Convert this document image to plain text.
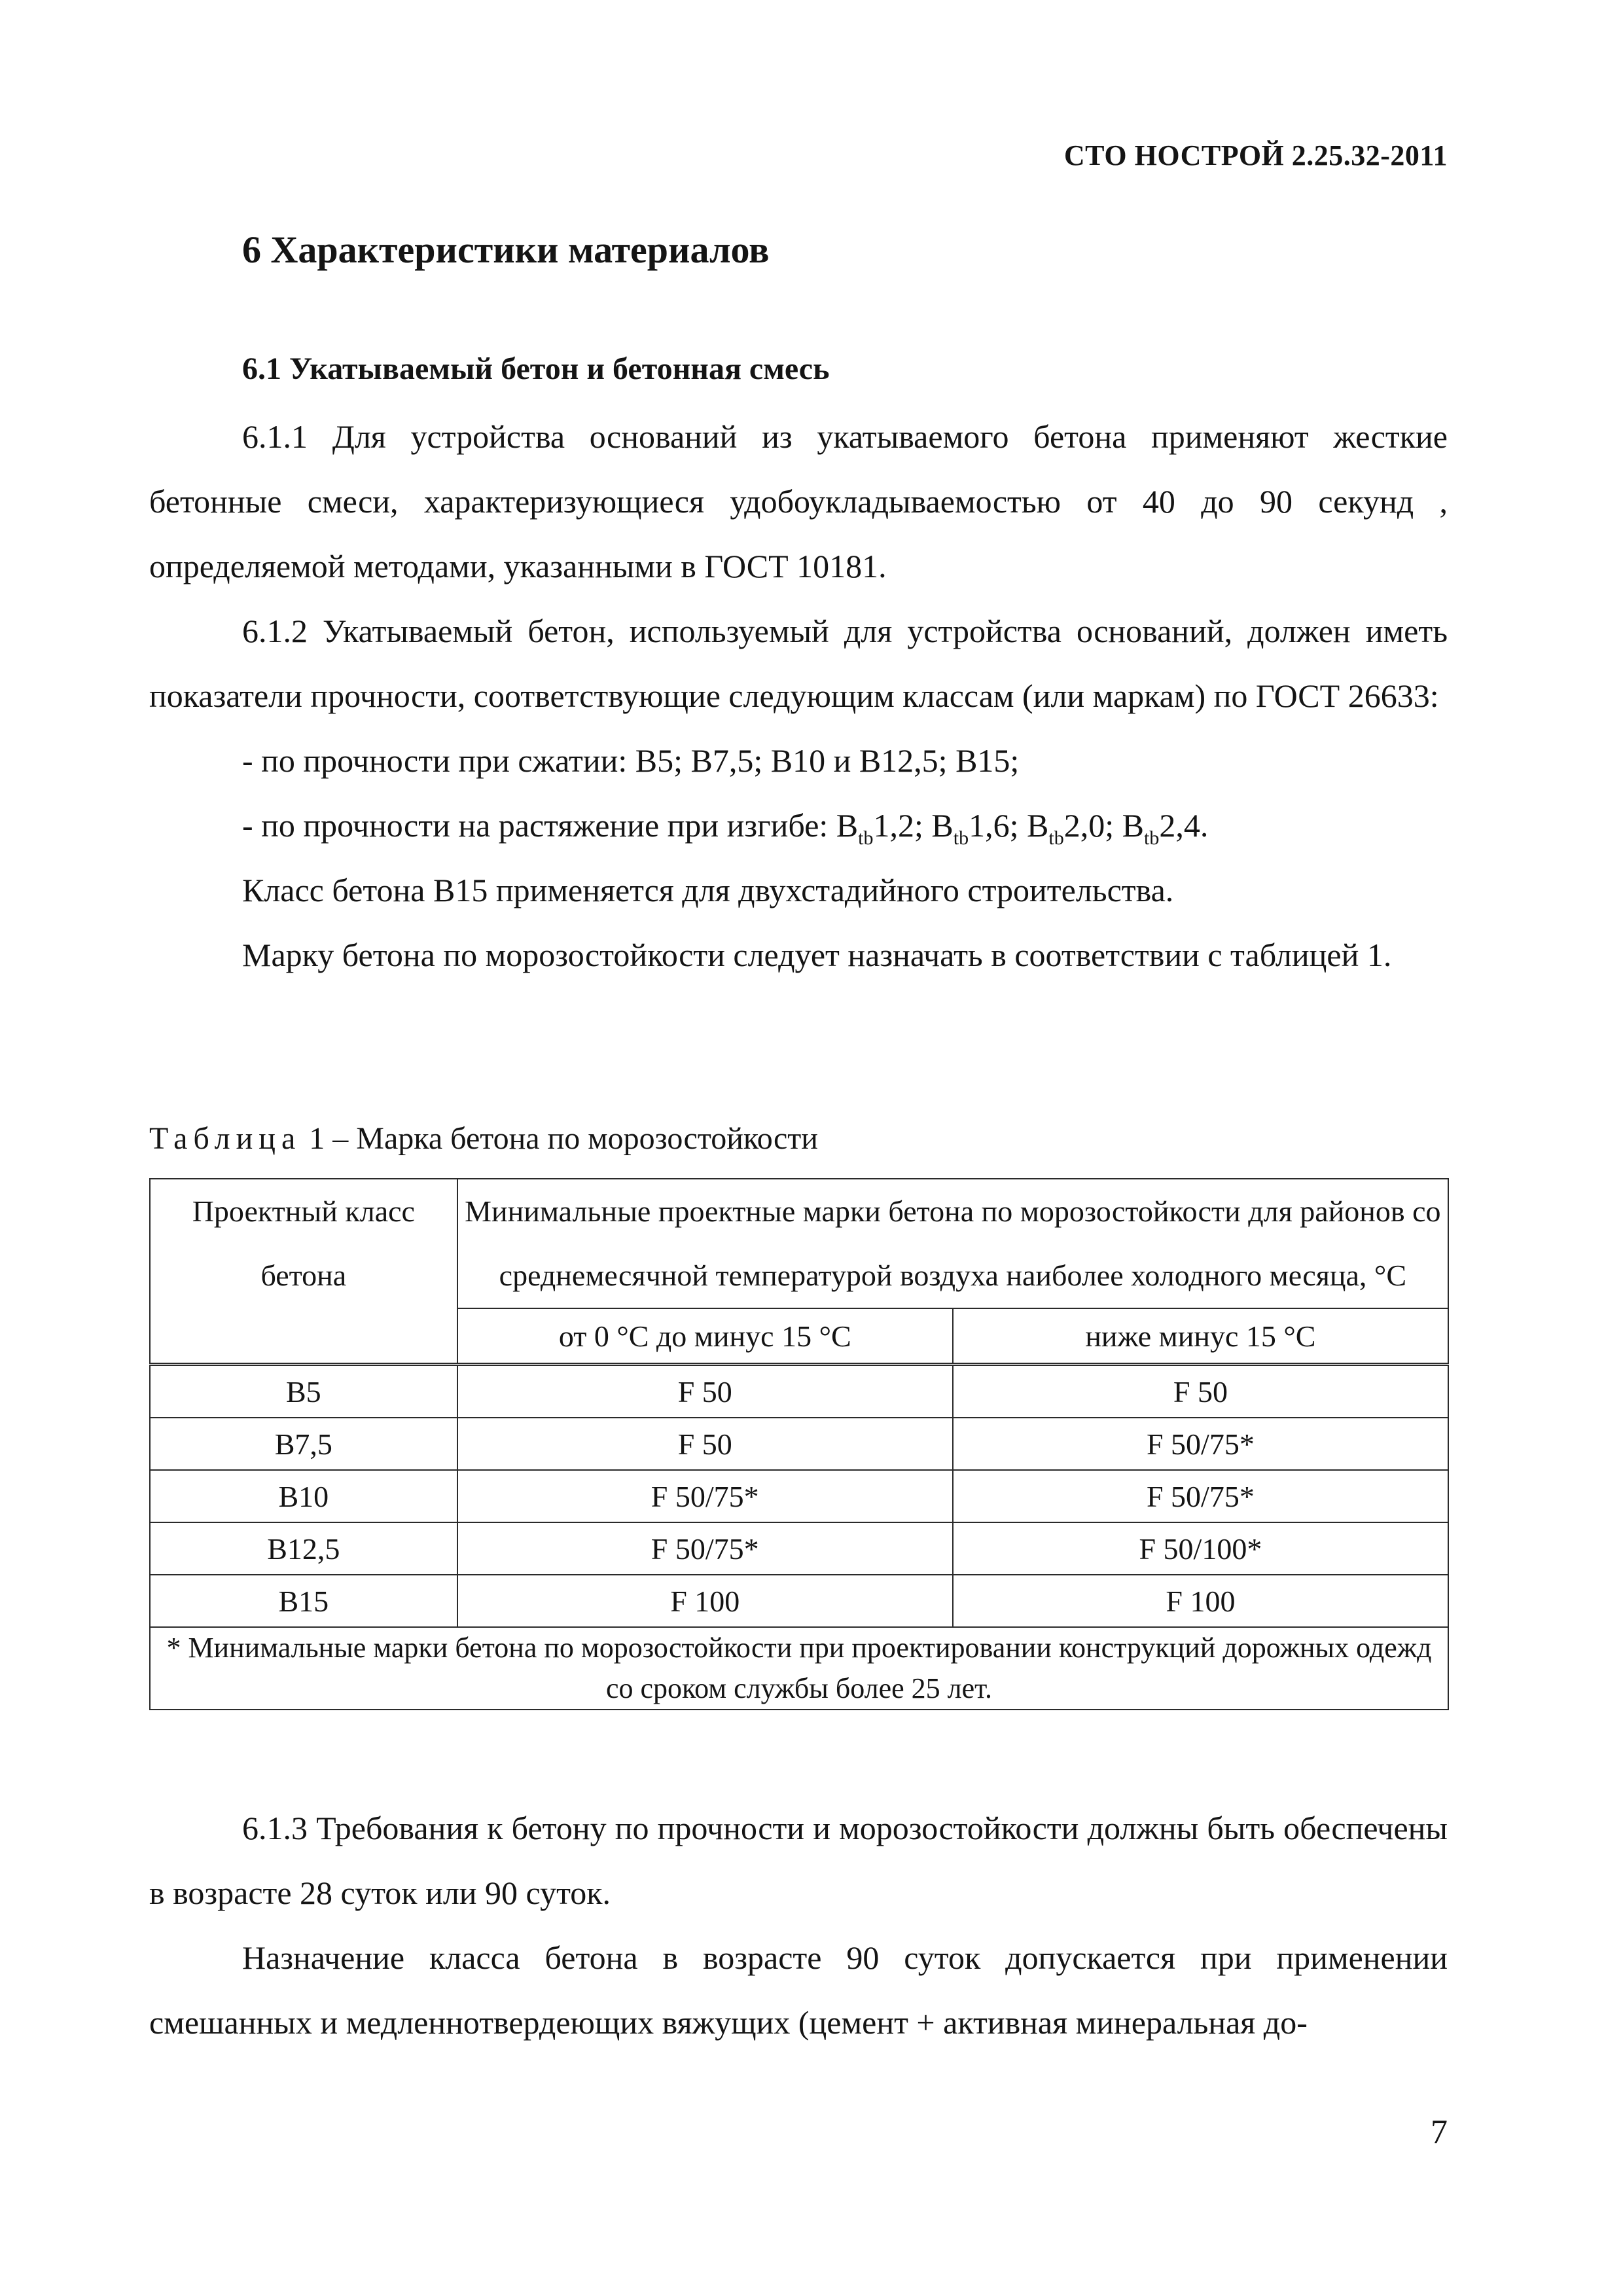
СТО НОСТРОЙ 2.25.32-2011
6 Характеристики материалов
6.1 Укатываемый бетон и бетонная смесь

6.1.1 Для устройства оснований из укатываемого бетона применяют жесткие бетонные смеси, характеризующиеся удобоукладываемостью от 40 до 90 секунд , определяемой методами, указанными в ГОСТ 10181.

6.1.2 Укатываемый бетон, используемый для устройства оснований, должен иметь показатели прочности, соответствующие следующим классам (или маркам) по ГОСТ 26633:

- по прочности при сжатии: В5; В7,5; В10 и В12,5; В15;

- по прочности на растяжение при изгибе: $B_{tb}1,2$; $B_{tb}1,6$; $B_{tb}2,0$; $B_{tb}2,4$.

Класс бетона В15 применяется для двухстадийного строительства.

Марку бетона по морозостойкости следует назначать в соответствии с таблицей 1.

Таблица 1 – Марка бетона по морозостойкости
Проектный класс бетона	Минимальные проектные марки бетона по морозостойкости для районов со среднемесячной температурой воздуха наиболее холодного месяца, °С	
	от 0 °С до минус 15 °С	ниже минус 15 °С
B5	F 50	F 50
B7,5	F 50	F 50/75*
B10	F 50/75*	F 50/75*
B12,5	F 50/75*	F 50/100*
B15	F 100	F 100
* Минимальные марки бетона по морозостойкости при проектировании конструкций дорожных одежд со сроком службы более 25 лет.		

6.1.3 Требования к бетону по прочности и морозостойкости должны быть обеспечены в возрасте 28 суток или 90 суток.

Назначение класса бетона в возрасте 90 суток допускается при применении смешанных и медленнотвердеющих вяжущих (цемент + активная минеральная до-

7
